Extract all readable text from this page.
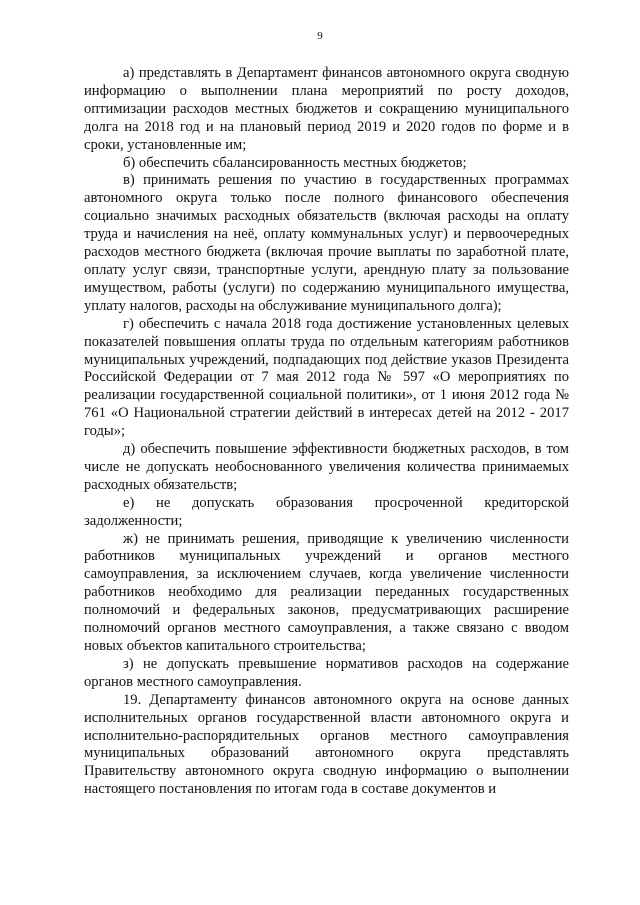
9

а) представлять в Департамент финансов автономного округа сводную информацию о выполнении плана мероприятий по росту доходов, оптимизации расходов местных бюджетов и сокращению муниципального долга на 2018 год и на плановый период 2019 и 2020 годов по форме и в сроки, установленные им;

б) обеспечить сбалансированность местных бюджетов;

в) принимать решения по участию в государственных программах автономного округа только после полного финансового обеспечения социально значимых расходных обязательств (включая расходы на оплату труда и начисления на неё, оплату коммунальных услуг) и первоочередных расходов местного бюджета (включая прочие выплаты по заработной плате, оплату услуг связи, транспортные услуги, арендную плату за пользование имуществом, работы (услуги) по содержанию муниципального имущества, уплату налогов, расходы на обслуживание муниципального долга);

г) обеспечить с начала 2018 года достижение установленных целевых показателей повышения оплаты труда по отдельным категориям работников муниципальных учреждений, подпадающих под действие указов Президента Российской Федерации от 7 мая 2012 года № 597 «О мероприятиях по реализации государственной социальной политики», от 1 июня 2012 года № 761 «О Национальной стратегии действий в интересах детей на 2012 - 2017 годы»;

д) обеспечить повышение эффективности бюджетных расходов, в том числе не допускать необоснованного увеличения количества принимаемых расходных обязательств;

е) не допускать образования просроченной кредиторской задолженности;

ж) не принимать решения, приводящие к увеличению численности работников муниципальных учреждений и органов местного самоуправления, за исключением случаев, когда увеличение численности работников необходимо для реализации переданных государственных полномочий и федеральных законов, предусматривающих расширение полномочий органов местного самоуправления, а также связано с вводом новых объектов капитального строительства;

з) не допускать превышение нормативов расходов на содержание органов местного самоуправления.

19. Департаменту финансов автономного округа на основе данных исполнительных органов государственной власти автономного округа и исполнительно-распорядительных органов местного самоуправления муниципальных образований автономного округа представлять Правительству автономного округа сводную информацию о выполнении настоящего постановления по итогам года в составе документов и
